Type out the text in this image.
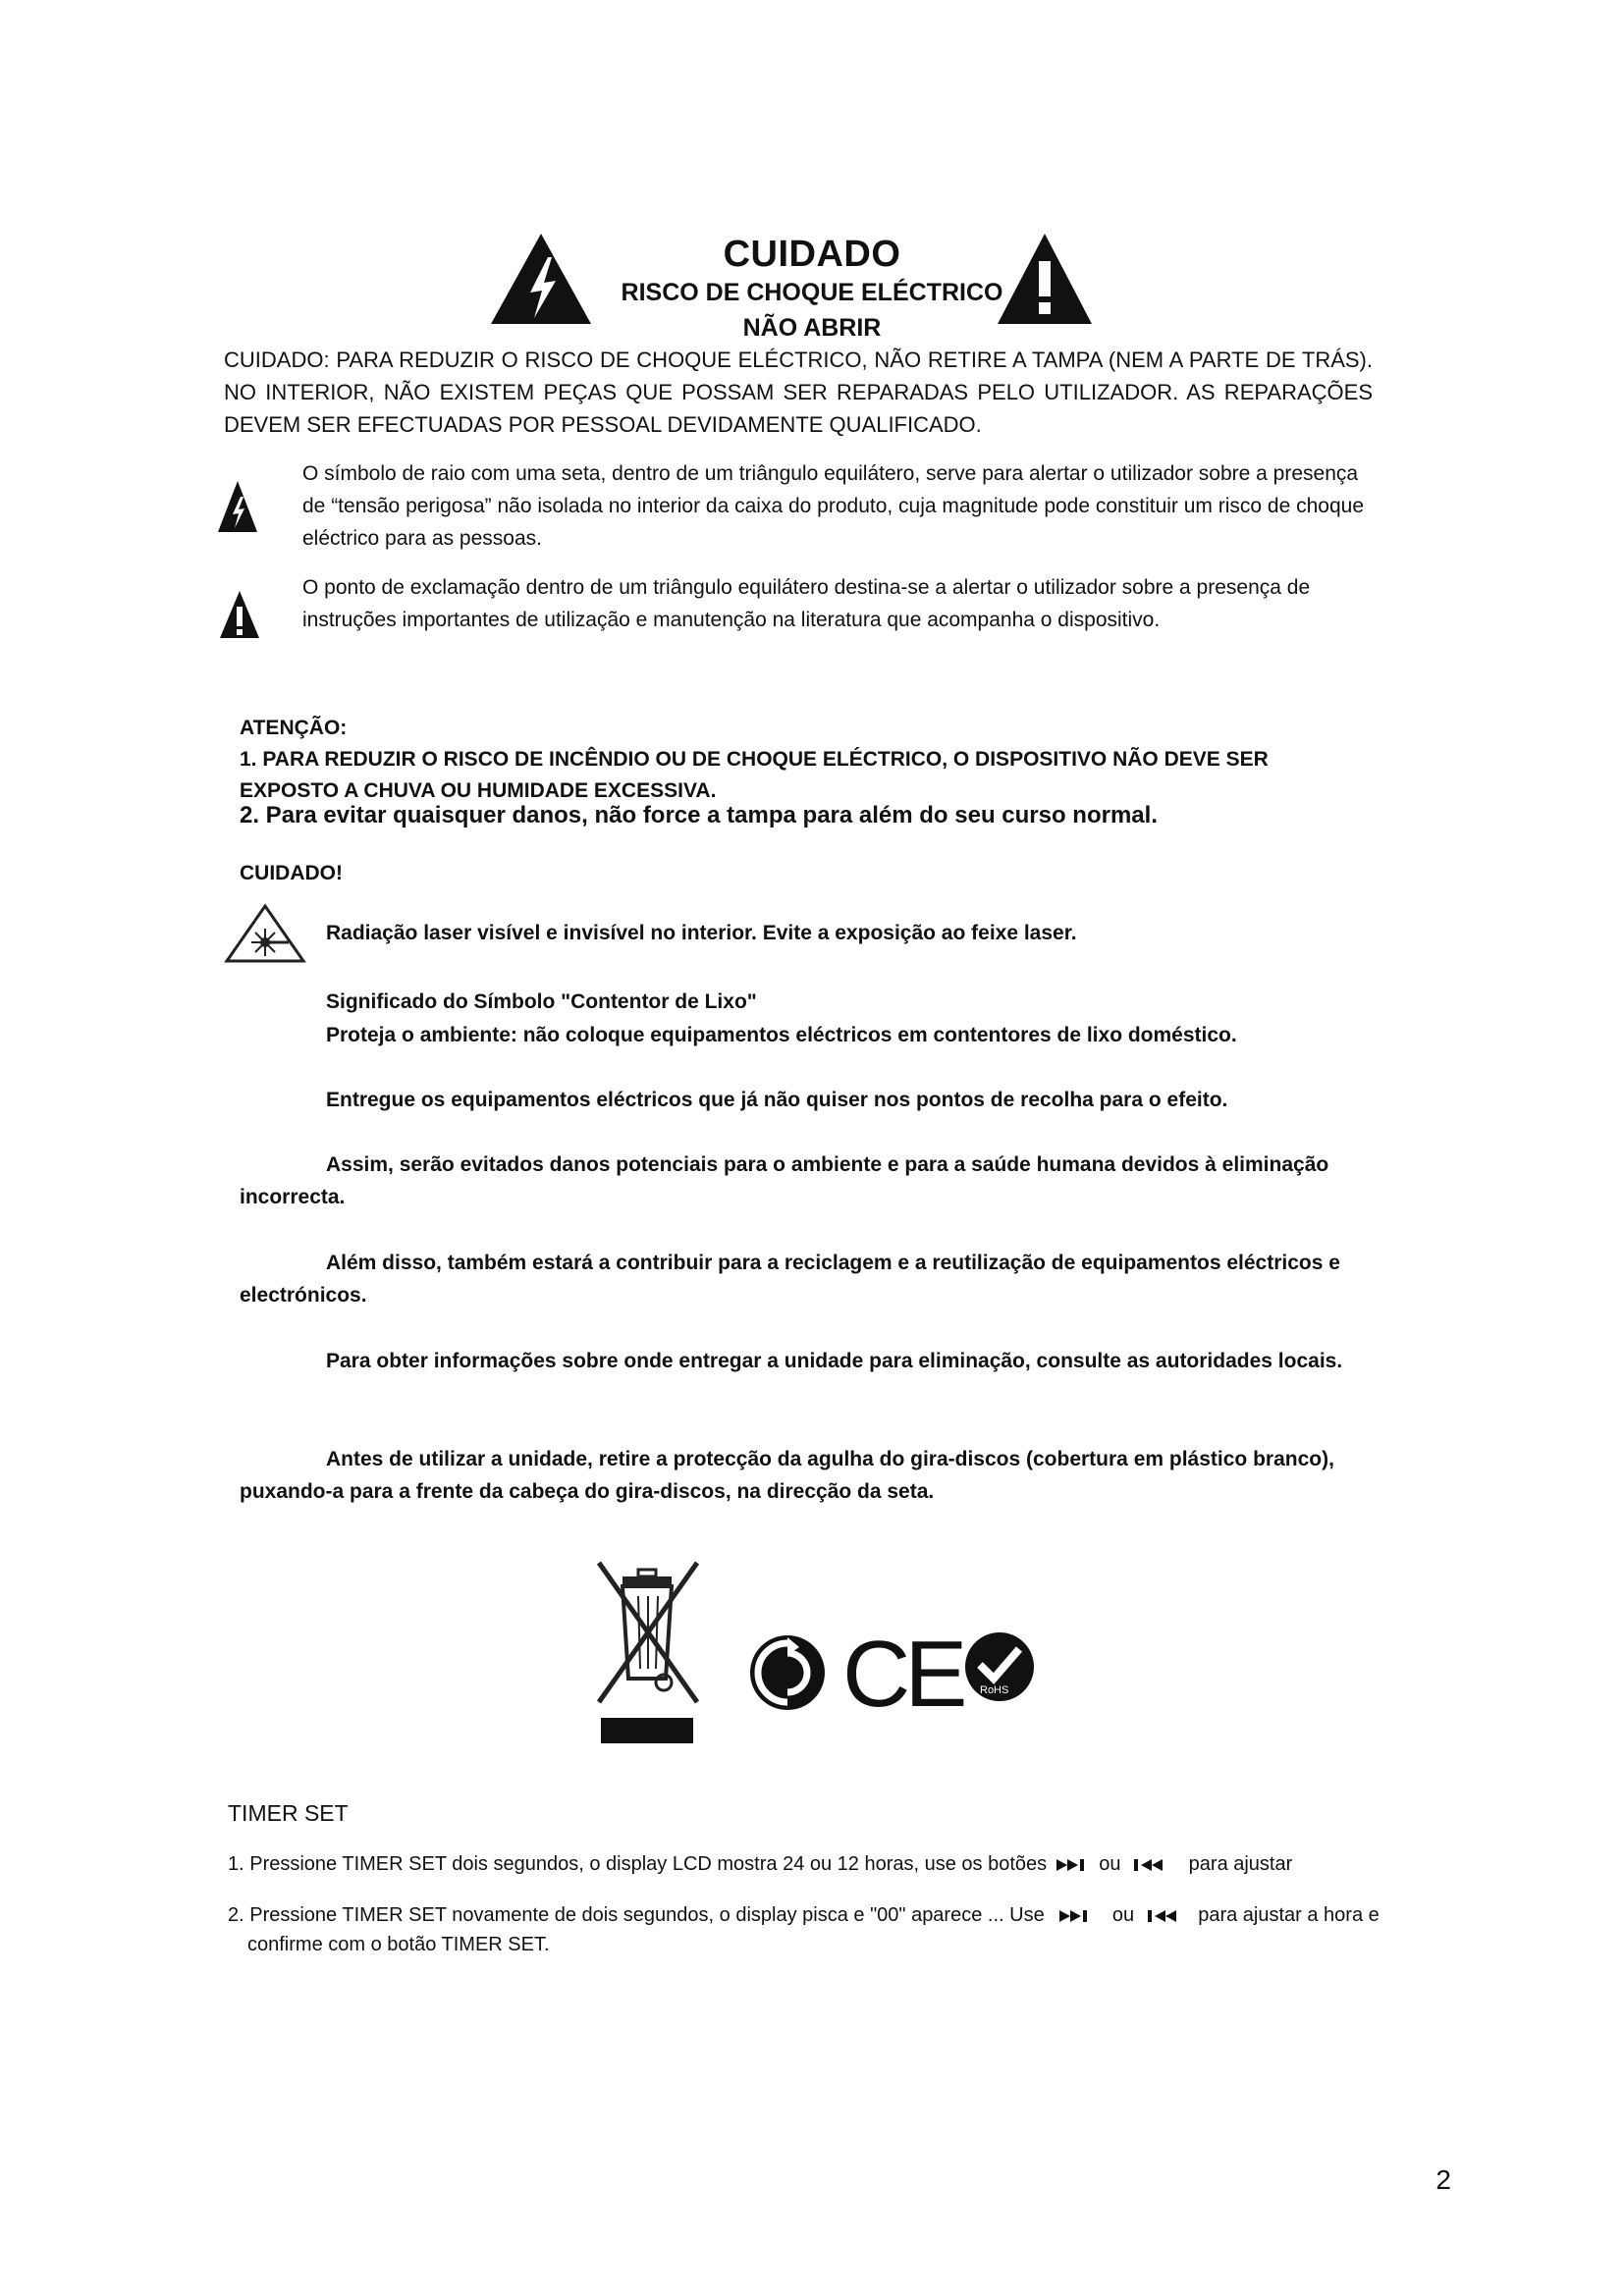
CUIDADO
RISCO DE CHOQUE ELÉCTRICO
NÃO ABRIR
CUIDADO: PARA REDUZIR O RISCO DE CHOQUE ELÉCTRICO, NÃO RETIRE A TAMPA (NEM A PARTE DE TRÁS). NO INTERIOR, NÃO EXISTEM PEÇAS QUE POSSAM SER REPARADAS PELO UTILIZADOR. AS REPARAÇÕES DEVEM SER EFECTUADAS POR PESSOAL DEVIDAMENTE QUALIFICADO.
O símbolo de raio com uma seta, dentro de um triângulo equilátero, serve para alertar o utilizador sobre a presença de “tensão perigosa” não isolada no interior da caixa do produto, cuja magnitude pode constituir um risco de choque eléctrico para as pessoas.
O ponto de exclamação dentro de um triângulo equilátero destina-se a alertar o utilizador sobre a presença de instruções importantes de utilização e manutenção na literatura que acompanha o dispositivo.
ATENÇÃO:
1. PARA REDUZIR O RISCO DE INCÊNDIO OU DE CHOQUE ELÉCTRICO, O DISPOSITIVO NÃO DEVE SER EXPOSTO A CHUVA OU HUMIDADE EXCESSIVA.
2. Para evitar quaisquer danos, não force a tampa para além do seu curso normal.
CUIDADO!
Radiação laser visível e invisível no interior. Evite a exposição ao feixe laser.
Significado do Símbolo "Contentor de Lixo"
Proteja o ambiente: não coloque equipamentos eléctricos em contentores de lixo doméstico.
Entregue os equipamentos eléctricos que já não quiser nos pontos de recolha para o efeito.
Assim, serão evitados danos potenciais para o ambiente e para a saúde humana devidos à eliminação incorrecta.
Além disso, também estará a contribuir para a reciclagem e a reutilização de equipamentos eléctricos e electrónicos.
Para obter informações sobre onde entregar a unidade para eliminação, consulte as autoridades locais.
Antes de utilizar a unidade, retire a protecção da agulha do gira-discos (cobertura em plástico branco), puxando-a para a frente da cabeça do gira-discos, na direcção da seta.
CE RoHS
TIMER SET
1. Pressione TIMER SET dois segundos, o display LCD mostra 24 ou 12 horas, use os botões	ou	para ajustar
2. Pressione TIMER SET novamente de dois segundos, o display pisca e "00" aparece ... Use	ou	para ajustar a hora e confirme com o botão TIMER SET.
2
